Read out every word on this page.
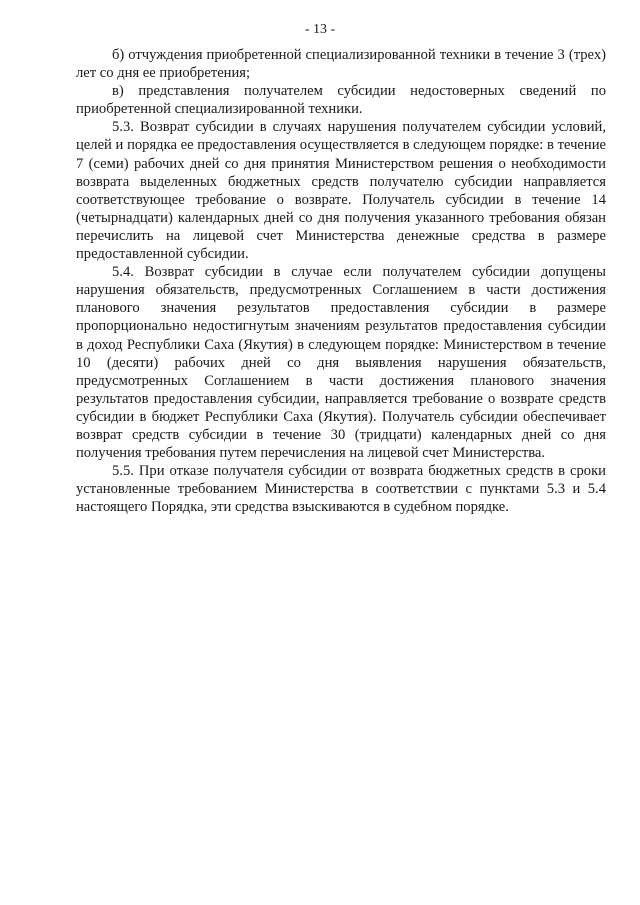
- 13 -

б) отчуждения приобретенной специализированной техники в течение 3 (трех) лет со дня ее приобретения;

в) представления получателем субсидии недостоверных сведений по приобретенной специализированной техники.

5.3. Возврат субсидии в случаях нарушения получателем субсидии условий, целей и порядка ее предоставления осуществляется в следующем порядке: в течение 7 (семи) рабочих дней со дня принятия Министерством решения о необходимости возврата выделенных бюджетных средств получателю субсидии направляется соответствующее требование о возврате. Получатель субсидии в течение 14 (четырнадцати) календарных дней со дня получения указанного требования обязан перечислить на лицевой счет Министерства денежные средства в размере предоставленной субсидии.

5.4. Возврат субсидии в случае если получателем субсидии допущены нарушения обязательств, предусмотренных Соглашением в части достижения планового значения результатов предоставления субсидии в размере пропорционально недостигнутым значениям результатов предоставления субсидии в доход Республики Саха (Якутия) в следующем порядке: Министерством в течение 10 (десяти) рабочих дней со дня выявления нарушения обязательств, предусмотренных Соглашением в части достижения планового значения результатов предоставления субсидии, направляется требование о возврате средств субсидии в бюджет Республики Саха (Якутия). Получатель субсидии обеспечивает возврат средств субсидии в течение 30 (тридцати) календарных дней со дня получения требования путем перечисления на лицевой счет Министерства.

5.5. При отказе получателя субсидии от возврата бюджетных средств в сроки установленные требованием Министерства в соответствии с пунктами 5.3 и 5.4 настоящего Порядка, эти средства взыскиваются в судебном порядке.
